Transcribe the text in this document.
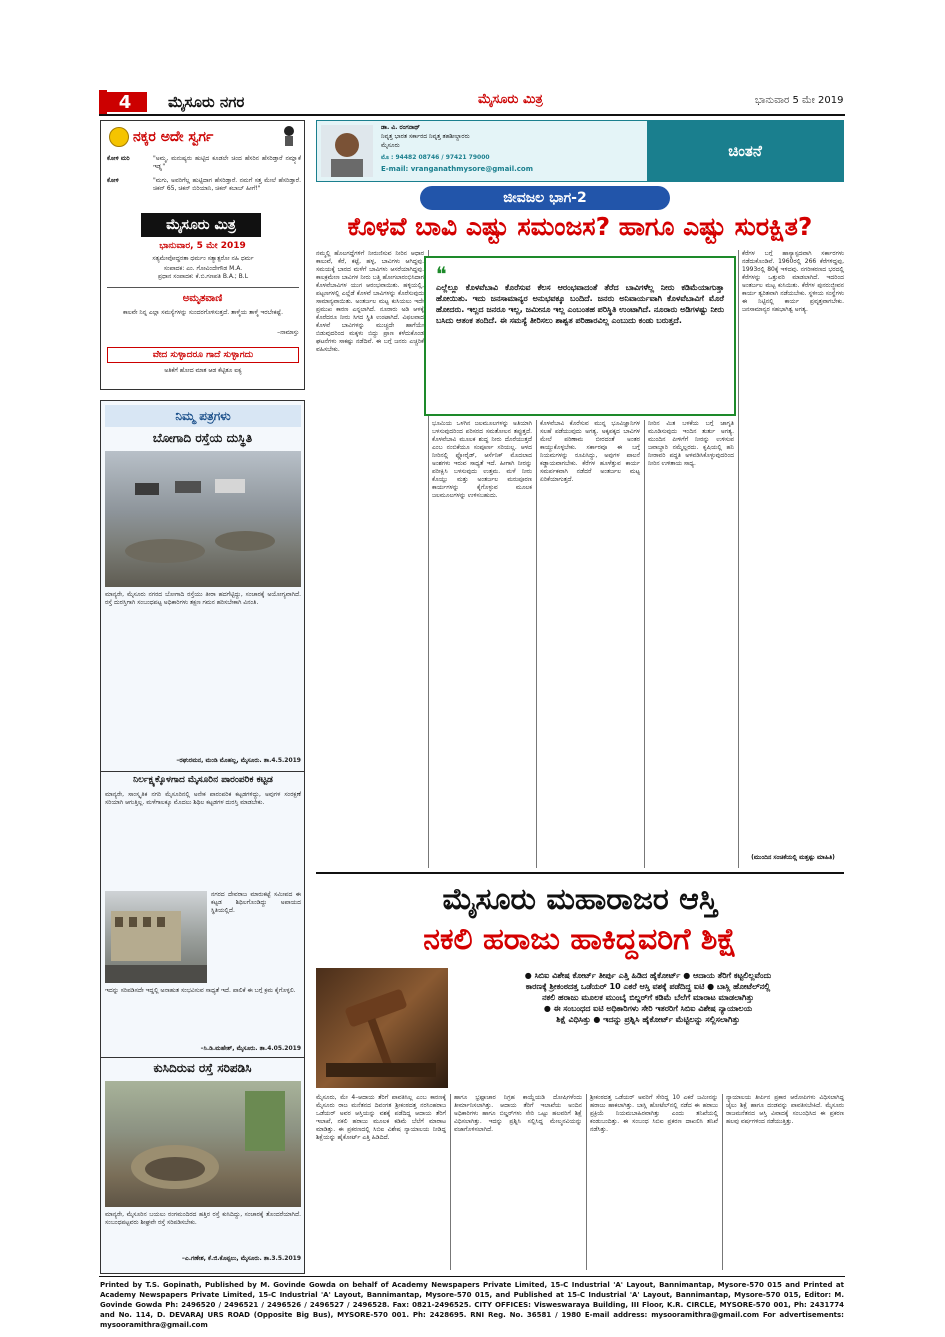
4	ಮೈಸೂರು ನಗರ	ಮೈಸೂರು ಮಿತ್ರ	ಭಾನುವಾರ 5 ಮೇ 2019
ನಕ್ಕರ ಅದೇ ಸ್ವರ್ಗ
ಕೋಳಿ ಮರಿ	"ಅಮ್ಮ, ಮನುಷ್ಯರು ಹುಟ್ಟಿದ ಕೂಡಲೇ ಚಿಂದ ಹೆಸರಿನ ಹೆಸರಿಡ್ತಾರೆ ನಮ್ಗ್ಯಾಕೆ ಇಡ್ಲ್ಲ"
ಕೋಳಿ	"ಮಗು, ಅವರಿಗೆಲ್ಲ ಹುಟ್ಟಿದಾಗ ಹೆಸರಿಡ್ತಾರೆ. ನಮಗೆ ಸತ್ತ ಮೇಲೆ ಹೆಸರಿಡ್ತಾರೆ. ಚಿಕನ್ 65, ಚಿಕನ್ ಬಿರಿಯಾನಿ, ಚಿಕನ್ ಕಬಾಬ್ ಹೀಗೆ!"
ಮೈಸೂರು ಮಿತ್ರ
ಭಾನುವಾರ, 5 ಮೇ 2019
ಸತ್ಯಮೇವೋದ್ಧರತಾ ಧರ್ಮಂ ಸತ್ಯಾತ್ಪರೋ ನಹಿ ಧರ್ಮ
ಸಂಪಾದಕ: ಎಂ. ಗೋವಿಂದೇಗೌಡ M.A.
ಪ್ರಧಾನ ಸಂಪಾದಕ: ಕೆ.ಬಿ.ಗಣಪತಿ B.A.; B.L
ಅಮೃತವಾಣಿ
ಕಾಲವೇ ನಿನ್ನ ಎಲ್ಲಾ ಸಮಸ್ಯೆಗಳನ್ನು ಸುಂದರಗೊಳಿಸುತ್ತದೆ. ತಾಳ್ಮೆಯ ತಾಳ್ಮೆ ಇರಬೇಕಷ್ಟೆ.
–ನಾಮಾಸ್ತು
ವೇದ ಸುಳ್ಳಾದರೂ ಗಾದೆ ಸುಳ್ಳಾಗದು
ಅತಿಕೆಗೆ ಹೋದ ಮಾತ ಆಡ ಕೆಟ್ಟಿತೂ ಐಕ್ಯ
ನಿಮ್ಮ ಪತ್ರಗಳು
ಬೋಗಾದಿ ರಸ್ತೆಯ ದುಸ್ಥಿತಿ
ಮಾನ್ಯರೇ, ಮೈಸೂರು ನಗರದ ಬೋಗಾದಿ ರಸ್ತೆಯು ತೀರಾ ಹದಗೆಟ್ಟಿದ್ದು, ಸಂಚಾರಕ್ಕೆ ಅಯೋಗ್ಯವಾಗಿದೆ. ರಸ್ತೆ ದುರಸ್ತಿಗಾಗಿ ಸಂಬಂಧಪಟ್ಟ ಅಧಿಕಾರಿಗಳು ತಕ್ಷಣ ಗಮನ ಹರಿಸಬೇಕಾಗಿ ವಿನಂತಿ.
–ರಘುರಮನ, ಮಂಡಿ ಮೊಹಲ್ಲ, ಮೈಸೂರು. ತಾ.4.5.2019
ನಿರ್ಲಕ್ಷ್ಯಕ್ಕೊಳಗಾದ ಮೈಸೂರಿನ ಪಾರಂಪರಿಕ ಕಟ್ಟಡ
ಮಾನ್ಯರೇ, ಸಾಂಸ್ಕೃತಿಕ ನಗರಿ ಮೈಸೂರಿನಲ್ಲಿ ಅನೇಕ ಪಾರಂಪರಿಕ ಕಟ್ಟಡಗಳಿದ್ದು, ಅವುಗಳ ಸಂರಕ್ಷಣೆ ಸರಿಯಾಗಿ ಆಗುತ್ತಿಲ್ಲ. ಮಳೆಗಾಲಕ್ಕೂ ಮೊದಲು ಶಿಥಿಲ ಕಟ್ಟಡಗಳ ದುರಸ್ತಿ ಮಾಡಬೇಕು.
ನಗರದ ದೇವರಾಜ ಮಾರುಕಟ್ಟೆ ಸಮೀಪದ ಈ ಕಟ್ಟಡ ಶಿಥಿಲಗೊಂಡಿದ್ದು ಅಪಾಯದ ಸ್ಥಿತಿಯಲ್ಲಿದೆ.
ಇದನ್ನು ಸರಿಪಡಿಸದೇ ಇದ್ದಲ್ಲಿ ಅನಾಹುತ ಸಂಭವಿಸುವ ಸಾಧ್ಯತೆ ಇದೆ. ಪಾಲಿಕೆ ಈ ಬಗ್ಗೆ ಕ್ರಮ ಕೈಗೊಳ್ಳಲಿ.
–ಸಿ.ಡಿ.ಮಹೇಶ್, ಮೈಸೂರು. ತಾ.4.05.2019
ಕುಸಿದಿರುವ ರಸ್ತೆ ಸರಿಪಡಿಸಿ
ಮಾನ್ಯರೇ, ಮೈಸೂರಿನ ಬಯಲು ರಂಗಮಂದಿರದ ಹತ್ತಿರ ರಸ್ತೆ ಕುಸಿದಿದ್ದು, ಸಂಚಾರಕ್ಕೆ ತೊಂದರೆಯಾಗಿದೆ. ಸಂಬಂಧಪಟ್ಟವರು ಶೀಘ್ರವೇ ರಸ್ತೆ ಸರಿಪಡಿಸಬೇಕು.
–ಎ.ಗಣೇಶ, ಕೆ.ಜಿ.ಕೊಪ್ಪಲು, ಮೈಸೂರು. ತಾ.3.5.2019
ಡಾ. ವಿ. ರಂಗನಾಥ್
ನಿವೃತ್ತ ಭಾರತ ಸರ್ಕಾರದ ನಿವೃತ್ತ ತಹಶೀಲ್ದಾರರು
ಮೈಸೂರು
ಮೊ : 94482 08746 / 97421 79000
E-mail: vranganathmysore@gmail.com
ಚಿಂತನೆ
ಜೀವಜಲ ಭಾಗ-2
ಕೊಳವೆ ಬಾವಿ ಎಷ್ಟು ಸಮಂಜಸ? ಹಾಗೂ ಎಷ್ಟು ಸುರಕ್ಷಿತ?
ನಮ್ಮಲ್ಲಿ ಹೊಲಗದ್ದೆಗಳಿಗೆ ನೀರುಣಿಸುವ ನೀರಿನ ಆಧಾರ ಕಾಲುವೆ, ಕೆರೆ, ಕಟ್ಟೆ, ಹಳ್ಳ, ಬಾವಿಗಳು ಆಗಿದ್ದವು. ಸಮಯಕ್ಕೆ ಬಾರದ ಮಳೆಗೆ ಬಾವಿಗಳು ಆಸರೆಯಾಗಿದ್ದವು. ಕಾಲಕ್ರಮೇಣ ಬಾವಿಗಳ ನೀರು ಬತ್ತಿ ಹೋಗಲಾರಂಭಿಸಿದಾಗ ಕೊಳವೆಬಾವಿಗಳ ಯುಗ ಆರಂಭವಾಯಿತು. ಹಳ್ಳಿಯಲ್ಲಿ, ಪಟ್ಟಣಗಳಲ್ಲಿ ಎಲ್ಲೆಡೆ ಕೊಳವೆ ಬಾವಿಗಳನ್ನು ಕೊರೆಸುವುದು ಸಾಮಾನ್ಯವಾಯಿತು. ಅಂತರ್ಜಲ ಮಟ್ಟ ಕುಸಿಯಲು ಇದೇ ಪ್ರಮುಖ ಕಾರಣ ಎನ್ನಲಾಗಿದೆ. ನೂರಾರು ಅಡಿ ಆಳಕ್ಕೆ ಕೊರೆದರೂ ನೀರು ಸಿಗದ ಸ್ಥಿತಿ ಉಂಟಾಗಿದೆ. ವಿಫಲವಾದ ಕೊಳವೆ ಬಾವಿಗಳನ್ನು ಮುಚ್ಚದೇ ಹಾಗೆಯೇ ಬಿಡುವುದರಿಂದ ಮಕ್ಕಳು ಬಿದ್ದು ಪ್ರಾಣ ಕಳೆದುಕೊಂಡ ಘಟನೆಗಳು ಸಾಕಷ್ಟು ನಡೆದಿವೆ. ಈ ಬಗ್ಗೆ ಜನರು ಎಚ್ಚರಿಕೆ ವಹಿಸಬೇಕು.
ಭೂಮಿಯ ಒಳಗಿನ ಜಲಮೂಲಗಳನ್ನು ಅತಿಯಾಗಿ ಬಳಸುವುದರಿಂದ ಪರಿಸರದ ಸಮತೋಲನ ತಪ್ಪುತ್ತದೆ. ಕೊಳವೆಬಾವಿ ಮೂಲಕ ಶುದ್ಧ ನೀರು ದೊರೆಯುತ್ತದೆ ಎಂಬ ನಂಬಿಕೆಯೂ ಸಂಪೂರ್ಣ ಸರಿಯಲ್ಲ. ಆಳದ ನೀರಿನಲ್ಲಿ ಫ್ಲೋರೈಡ್, ಆರ್ಸೆನಿಕ್ ಮೊದಲಾದ ಅಂಶಗಳು ಇರುವ ಸಾಧ್ಯತೆ ಇದೆ. ಹೀಗಾಗಿ ನೀರನ್ನು ಪರೀಕ್ಷಿಸಿ ಬಳಸುವುದು ಉತ್ತಮ. ಮಳೆ ನೀರು ಕೊಯ್ಲು ಮತ್ತು ಅಂತರ್ಜಲ ಮರುಪೂರಣ ಕಾರ್ಯಗಳನ್ನು ಕೈಗೊಳ್ಳುವ ಮೂಲಕ ಜಲಮೂಲಗಳನ್ನು ಉಳಿಸಬಹುದು.
ಕೊಳವೆಬಾವಿ ಕೊರೆಸುವ ಮುನ್ನ ಭೂವಿಜ್ಞಾನಿಗಳ ಸಲಹೆ ಪಡೆಯುವುದು ಅಗತ್ಯ. ಅಕ್ಕಪಕ್ಕದ ಬಾವಿಗಳ ಮೇಲೆ ಪರಿಣಾಮ ಬೀರದಂತೆ ಅಂತರ ಕಾಯ್ದುಕೊಳ್ಳಬೇಕು. ಸರ್ಕಾರವೂ ಈ ಬಗ್ಗೆ ನಿಯಮಗಳನ್ನು ರೂಪಿಸಿದ್ದು, ಅವುಗಳ ಪಾಲನೆ ಕಡ್ಡಾಯವಾಗಬೇಕು. ಕೆರೆಗಳ ಹೂಳೆತ್ತುವ ಕಾರ್ಯ ಸಮರ್ಪಕವಾಗಿ ನಡೆದರೆ ಅಂತರ್ಜಲ ಮಟ್ಟ ಏರಿಕೆಯಾಗುತ್ತದೆ.
ನೀರಿನ ಮಿತ ಬಳಕೆಯ ಬಗ್ಗೆ ಜಾಗೃತಿ ಮೂಡಿಸುವುದು ಇಂದಿನ ತುರ್ತು ಅಗತ್ಯ. ಮುಂದಿನ ಪೀಳಿಗೆಗೆ ನೀರನ್ನು ಉಳಿಸುವ ಜವಾಬ್ದಾರಿ ನಮ್ಮೆಲ್ಲರದು. ಕೃಷಿಯಲ್ಲಿ ಹನಿ ನೀರಾವರಿ ಪದ್ಧತಿ ಅಳವಡಿಸಿಕೊಳ್ಳುವುದರಿಂದ ನೀರಿನ ಉಳಿತಾಯ ಸಾಧ್ಯ.
ಕೆರೆಗಳ ಬಗ್ಗೆ ಹಾಸ್ಯಾಸ್ಪದವಾಗಿ ಸರ್ಕಾರಗಳು ನಡೆದುಕೊಂಡಿವೆ. 1960ರಲ್ಲಿ 266 ಕೆರೆಗಳಿದ್ದವು, 1993ರಲ್ಲಿ 80ಕ್ಕೆ ಇಳಿದವು. ನಗರೀಕರಣದ ಭರದಲ್ಲಿ ಕೆರೆಗಳನ್ನು ಒತ್ತುವರಿ ಮಾಡಲಾಗಿದೆ. ಇದರಿಂದ ಅಂತರ್ಜಲ ಮಟ್ಟ ಕುಸಿಯಿತು. ಕೆರೆಗಳ ಪುನರುಜ್ಜೀವನ ಕಾರ್ಯ ತ್ವರಿತವಾಗಿ ನಡೆಯಬೇಕು. ಸ್ಥಳೀಯ ಸಂಸ್ಥೆಗಳು ಈ ನಿಟ್ಟಿನಲ್ಲಿ ಕಾರ್ಯ ಪ್ರವೃತ್ತವಾಗಬೇಕು. ಜನಸಾಮಾನ್ಯರ ಸಹಭಾಗಿತ್ವ ಅಗತ್ಯ.
(ಮುಂದಿನ ಸಂಚಿಕೆಯಲ್ಲಿ ಮತ್ತಷ್ಟು ಮಾಹಿತಿ)
❝
ಎಲ್ಲೆಲ್ಲೂ ಕೊಳವೆಬಾವಿ ಕೊರೆಸುವ ಕೆಲಸ ಆರಂಭವಾದಂತೆ ತೆರೆದ ಬಾವಿಗಳೆಲ್ಲ ನೀರು ಕಡಿಮೆಯಾಗುತ್ತಾ ಹೋಯಿತು. ಇದು ಜನಸಾಮಾನ್ಯರ ಅನುಭವಕ್ಕೂ ಬಂದಿದೆ. ಜನರು ಅನಿವಾರ್ಯವಾಗಿ ಕೊಳವೆಬಾವಿಗೆ ಮೊರೆ ಹೋದರು. ಇಲ್ಲದ ಜನರೂ ಇಲ್ಲ, ಜಮೀನೂ ಇಲ್ಲ ಎಂಬಂತಹ ಪರಿಸ್ಥಿತಿ ಉಂಟಾಗಿದೆ. ನೂರಾರು ಅಡಿಗಳಷ್ಟು ನೀರು ಬಸಿದು ಆತಂಕ ತಂದಿದೆ. ಈ ಸಮಸ್ಯೆ ತೀರಿಸಲು ಶಾಶ್ವತ ಪರಿಹಾರವಿಲ್ಲ ಎಂಬುದು ಕಂಡು ಬರುತ್ತದೆ.
ಮೈಸೂರು ಮಹಾರಾಜರ ಆಸ್ತಿ
ನಕಲಿ ಹರಾಜು ಹಾಕಿದ್ದವರಿಗೆ ಶಿಕ್ಷೆ
● ಸಿಬಿಐ ವಿಶೇಷ ಕೋರ್ಟ್ ತೀರ್ಪು ಎತ್ತಿ ಹಿಡಿದ ಹೈಕೋರ್ಟ್ ● ಆದಾಯ ತೆರಿಗೆ ಕಟ್ಟಲಿಲ್ಲವೆಂದು
ಕಾರಣಕ್ಕೆ ಶ್ರೀಕಂಠದತ್ತ ಒಡೆಯರ್ 10 ಎಕರೆ ಆಸ್ತಿ ವಶಕ್ಕೆ ಪಡೆದಿದ್ದ ಐಟಿ ● ಬಾಸ್ಲಿ ಹೋಟೆಲ್‌ನಲ್ಲಿ
ನಕಲಿ ಹರಾಜು ಮೂಲಕ ಮುಂಬೈ ಬಿಲ್ಡರ್‌ಗೆ ಕಡಿಮೆ ಬೆಲೆಗೆ ಮಾರಾಟ ಮಾಡಲಾಗಿತ್ತು
● ಈ ಸಂಬಂಧದ ಐಟಿ ಅಧಿಕಾರಿಗಳು ಸೇರಿ ಇತರರಿಗೆ ಸಿಬಿಐ ವಿಶೇಷ ನ್ಯಾಯಾಲಯ
ಶಿಕ್ಷೆ ವಿಧಿಸಿತ್ತು ● ಇದನ್ನು ಪ್ರಶ್ನಿಸಿ ಹೈಕೋರ್ಟ್ ಮೆಟ್ಟಿಲನ್ನು ಸಲ್ಲಿಸಲಾಗಿತ್ತು
ಮೈಸೂರು, ಮೇ 4–ಆದಾಯ ತೆರಿಗೆ ಪಾವತಿಸಿಲ್ಲ ಎಂಬ ಕಾರಣಕ್ಕೆ ಮೈಸೂರು ರಾಜ ಮನೆತನದ ದಿವಂಗತ ಶ್ರೀಕಂಠದತ್ತ ನರಸಿಂಹರಾಜ ಒಡೆಯರ್ ಅವರ ಆಸ್ತಿಯನ್ನು ವಶಕ್ಕೆ ಪಡೆದಿದ್ದ ಆದಾಯ ತೆರಿಗೆ ಇಲಾಖೆ, ನಕಲಿ ಹರಾಜು ಮೂಲಕ ಕಡಿಮೆ ಬೆಲೆಗೆ ಮಾರಾಟ ಮಾಡಿತ್ತು. ಈ ಪ್ರಕರಣದಲ್ಲಿ ಸಿಬಿಐ ವಿಶೇಷ ನ್ಯಾಯಾಲಯ ನೀಡಿದ್ದ ಶಿಕ್ಷೆಯನ್ನು ಹೈಕೋರ್ಟ್ ಎತ್ತಿ ಹಿಡಿದಿದೆ.
ಹಾಗೂ ಭ್ರಷ್ಟಾಚಾರ ನಿಗ್ರಹ ಕಾಯ್ದೆಯಡಿ ದೋಷಿಗಳೆಂದು ತೀರ್ಮಾನಿಸಲಾಗಿತ್ತು. ಆದಾಯ ತೆರಿಗೆ ಇಲಾಖೆಯ ಅಂದಿನ ಅಧಿಕಾರಿಗಳು ಹಾಗೂ ಬಿಲ್ಡರ್‌ಗಳು ಸೇರಿ ಒಟ್ಟು ಹಲವರಿಗೆ ಶಿಕ್ಷೆ ವಿಧಿಸಲಾಗಿತ್ತು. ಇದನ್ನು ಪ್ರಶ್ನಿಸಿ ಸಲ್ಲಿಸಿದ್ದ ಮೇಲ್ಮನವಿಯನ್ನು ವಜಾಗೊಳಿಸಲಾಗಿದೆ.
ಶ್ರೀಕಂಠದತ್ತ ಒಡೆಯರ್ ಅವರಿಗೆ ಸೇರಿದ್ದ 10 ಎಕರೆ ಜಮೀನನ್ನು ಹರಾಜು ಹಾಕಲಾಗಿತ್ತು. ಬಾಸ್ಲಿ ಹೋಟೆಲ್‌ನಲ್ಲಿ ನಡೆದ ಈ ಹರಾಜು ಪ್ರಕ್ರಿಯೆ ನಿಯಮಬಾಹಿರವಾಗಿತ್ತು ಎಂದು ತನಿಖೆಯಲ್ಲಿ ಕಂಡುಬಂದಿತ್ತು. ಈ ಸಂಬಂಧ ಸಿಬಿಐ ಪ್ರಕರಣ ದಾಖಲಿಸಿ ತನಿಖೆ ನಡೆಸಿತ್ತು.
ನ್ಯಾಯಾಲಯ ತೀರ್ಪಿನ ಪ್ರಕಾರ ಆರೋಪಿಗಳು ವಿಧಿಸಲಾಗಿದ್ದ ಜೈಲು ಶಿಕ್ಷೆ ಹಾಗೂ ದಂಡವನ್ನು ಪಾವತಿಸಬೇಕಿದೆ. ಮೈಸೂರು ರಾಜಮನೆತನದ ಆಸ್ತಿ ವಿವಾದಕ್ಕೆ ಸಂಬಂಧಿಸಿದ ಈ ಪ್ರಕರಣ ಹಲವು ವರ್ಷಗಳಿಂದ ನಡೆಯುತ್ತಿತ್ತು.
Printed by T.S. Gopinath, Published by M. Govinde Gowda on behalf of Academy Newspapers Private Limited, 15-C Industrial 'A' Layout, Bannimantap, Mysore-570 015 and Printed at Academy Newspapers Private Limited, 15-C Industrial 'A' Layout, Bannimantap, Mysore-570 015, and Published at 15-C Industrial 'A' Layout, Bannimantap, Mysore-570 015, Editor: M. Govinde Gowda Ph: 2496520 / 2496521 / 2496526 / 2496527 / 2496528. Fax: 0821-2496525. CITY OFFICES: Visweswaraya Building, III Floor, K.R. CIRCLE, MYSORE-570 001, Ph: 2431774 and No. 114, D. DEVARAJ URS ROAD (Opposite Big Bus), MYSORE-570 001. Ph: 2428695. RNI Reg. No. 36581 / 1980 E-mail address: mysooramithra@gmail.com For advertisements: mysooramithra@gmail.com
